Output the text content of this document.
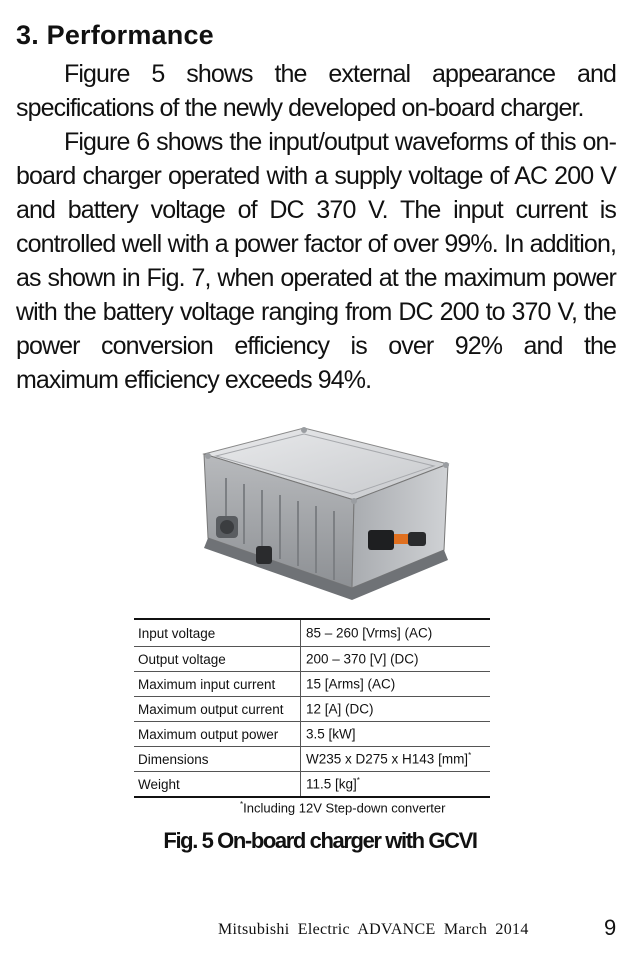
3. Performance

Figure 5 shows the external appearance and specifications of the newly developed on-board charger.

Figure 6 shows the input/output waveforms of this on-board charger operated with a supply voltage of AC 200 V and battery voltage of DC 370 V. The input current is controlled well with a power factor of over 99%. In addition, as shown in Fig. 7, when operated at the maximum power with the battery voltage ranging from DC 200 to 370 V, the power conversion efficiency is over 92% and the maximum efficiency exceeds 94%.

Input voltage	85 – 260 [Vrms] (AC)
Output voltage	200 – 370 [V] (DC)
Maximum input current	15 [Arms] (AC)
Maximum output current	12 [A] (DC)
Maximum output power	3.5 [kW]
Dimensions	W235 x D275 x H143 [mm]*
Weight	11.5 [kg]*
*Including 12V Step-down converter
Fig. 5 On-board charger with GCVI
Mitsubishi Electric ADVANCE March 2014	9
